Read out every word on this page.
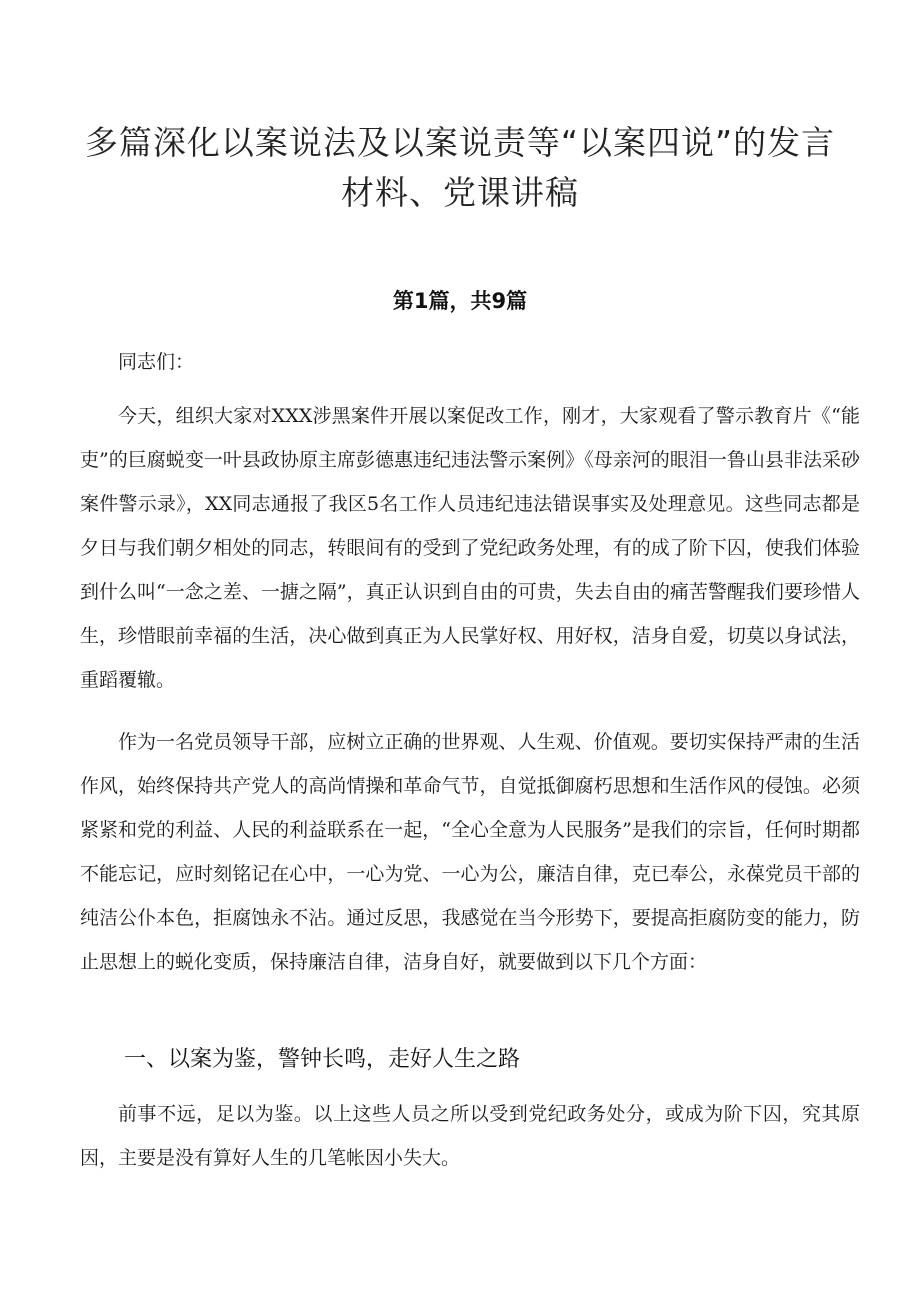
多篇深化以案说法及以案说责等“以案四说”的发言材料、党课讲稿
第1篇，共9篇

同志们：

今天，组织大家对XXX涉黑案件开展以案促改工作，刚才，大家观看了警示教育片《“能吏”的巨腐蜕变一叶县政协原主席彭德惠违纪违法警示案例》《母亲河的眼泪一鲁山县非法采砂案件警示录》，XX同志通报了我区5名工作人员违纪违法错误事实及处理意见。这些同志都是夕日与我们朝夕相处的同志，转眼间有的受到了党纪政务处理，有的成了阶下囚，使我们体验到什么叫“一念之差、一搪之隔”，真正认识到自由的可贵，失去自由的痛苦警醒我们要珍惜人生，珍惜眼前幸福的生活，决心做到真正为人民掌好权、用好权，洁身自爱，切莫以身试法，重蹈覆辙。

作为一名党员领导干部，应树立正确的世界观、人生观、价值观。要切实保持严肃的生活作风，始终保持共产党人的高尚情操和革命气节，自觉抵御腐朽思想和生活作风的侵蚀。必须紧紧和党的利益、人民的利益联系在一起，“全心全意为人民服务”是我们的宗旨，任何时期都不能忘记，应时刻铭记在心中，一心为党、一心为公，廉洁自律，克已奉公，永葆党员干部的纯洁公仆本色，拒腐蚀永不沾。通过反思，我感觉在当今形势下，要提高拒腐防变的能力，防止思想上的蜕化变质，保持廉洁自律，洁身自好，就要做到以下几个方面：

一、以案为鉴，警钟长鸣，走好人生之路

前事不远，足以为鉴。以上这些人员之所以受到党纪政务处分，或成为阶下囚，究其原因，主要是没有算好人生的几笔帐因小失大。
